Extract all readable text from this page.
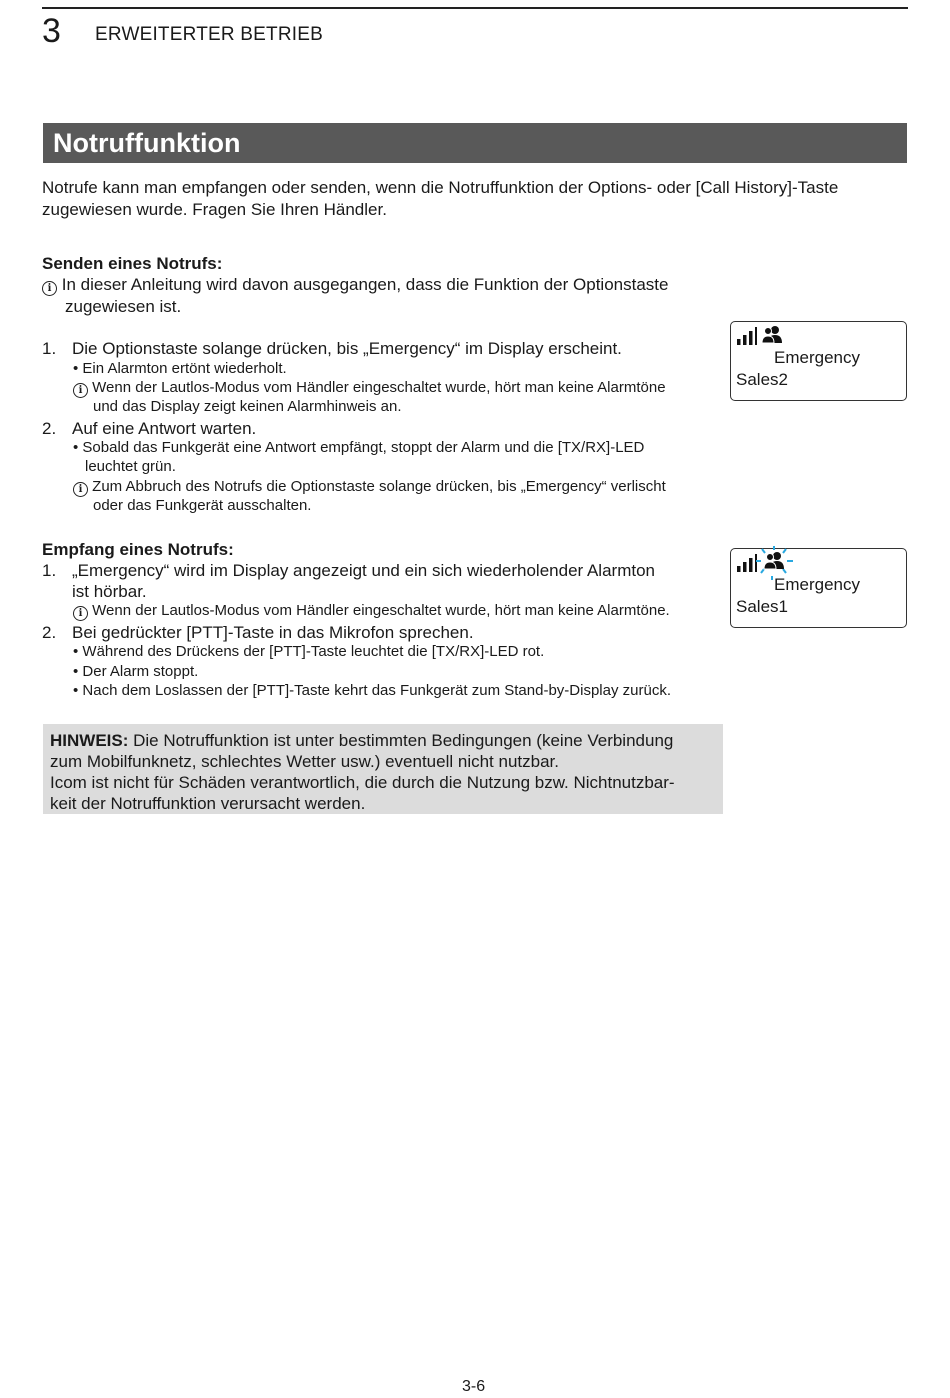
3 ERWEITERTER BETRIEB
Notruffunktion
Notrufe kann man empfangen oder senden, wenn die Notruffunktion der Options- oder [Call History]-Taste
zugewiesen wurde. Fragen Sie Ihren Händler.
Senden eines Notrufs:
i In dieser Anleitung wird davon ausgegangen, dass die Funktion der Optionstaste
zugewiesen ist.
1. Die Optionstaste solange drücken, bis „Emergency“ im Display erscheint.
• Ein Alarmton ertönt wiederholt.
i Wenn der Lautlos-Modus vom Händler eingeschaltet wurde, hört man keine Alarmtöne
und das Display zeigt keinen Alarmhinweis an.
2. Auf eine Antwort warten.
• Sobald das Funkgerät eine Antwort empfängt, stoppt der Alarm und die [TX/RX]-LED
leuchtet grün.
i Zum Abbruch des Notrufs die Optionstaste solange drücken, bis „Emergency“ verlischt
oder das Funkgerät ausschalten.
Empfang eines Notrufs:
1. „Emergency“ wird im Display angezeigt und ein sich wiederholender Alarmton
ist hörbar.
i Wenn der Lautlos-Modus vom Händler eingeschaltet wurde, hört man keine Alarmtöne.
2. Bei gedrückter [PTT]-Taste in das Mikrofon sprechen.
• Während des Drückens der [PTT]-Taste leuchtet die [TX/RX]-LED rot.
• Der Alarm stoppt.
• Nach dem Loslassen der [PTT]-Taste kehrt das Funkgerät zum Stand-by-Display zurück.
HINWEIS: Die Notruffunktion ist unter bestimmten Bedingungen (keine Verbindung
zum Mobilfunknetz, schlechtes Wetter usw.) eventuell nicht nutzbar.
Icom ist nicht für Schäden verantwortlich, die durch die Nutzung bzw. Nichtnutzbar-
keit der Notruffunktion verursacht werden.
Emergency
Sales2
Emergency
Sales1
3-6
